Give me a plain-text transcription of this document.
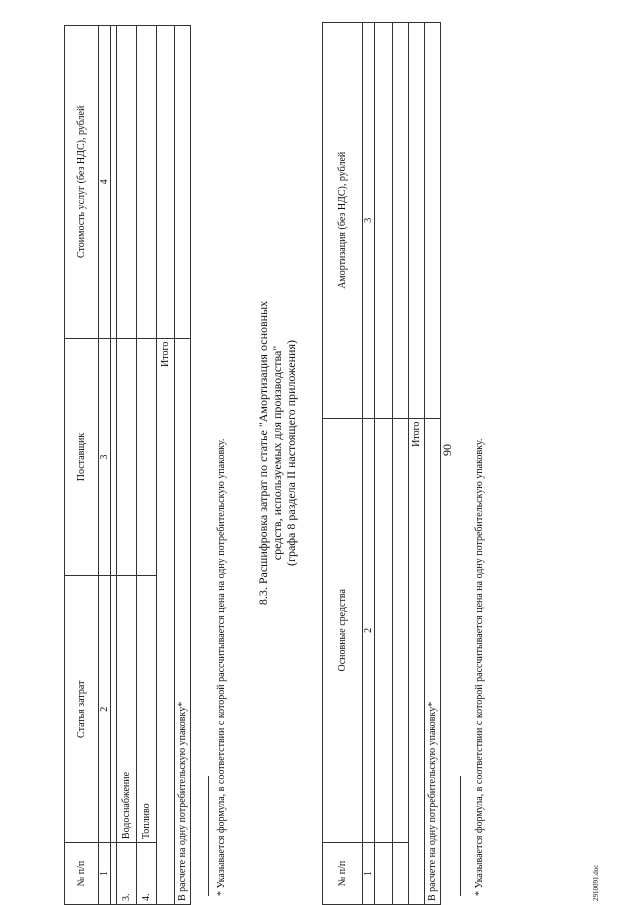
90
№ п/п	Статья затрат	Поставщик	Стоимость услуг (без НДС), рублей
1	2	3	4

3.	Водоснабжение		
4.	Топливо		
Итого			
В расчете на одну потребительскую упаковку*				* Указывается формула, в соответствии с которой рассчитывается цена на одну потребительскую упаковку. 8.3. Расшифровка затрат по статье "Амортизация основных средств, используемых для производства" (графа 8 раздела II настоящего приложения)
№ п/п	Основные средства	Амортизация (без НДС), рублей
1	2	3

Итого		
В расчете на одну потребительскую упаковку*			* Указывается формула, в соответствии с которой рассчитывается цена на одну потребительскую упаковку.	2910091.doc
